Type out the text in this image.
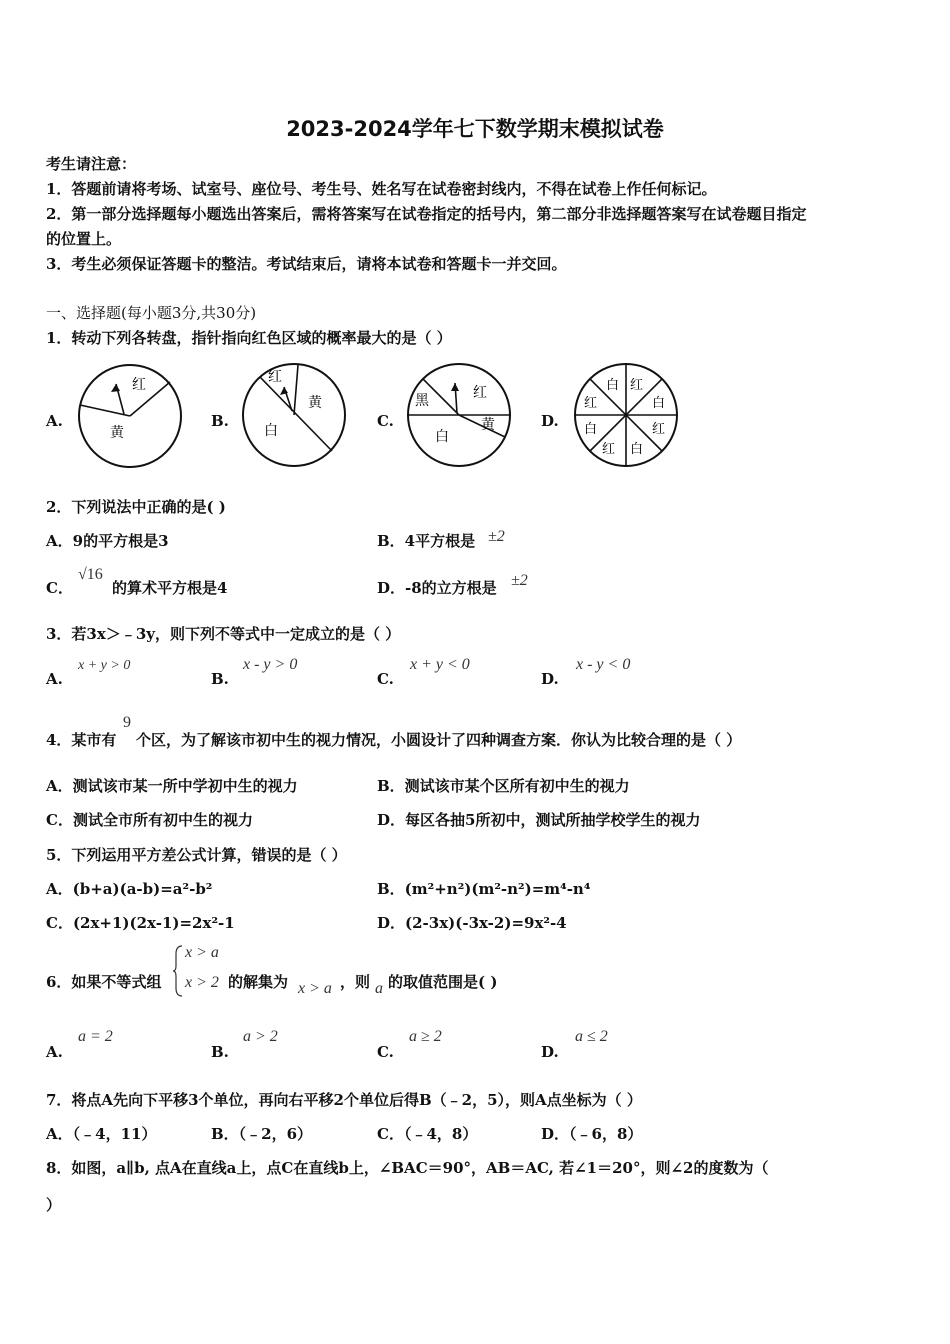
2023-2024学年七下数学期末模拟试卷
考生请注意：
1．答题前请将考场、试室号、座位号、考生号、姓名写在试卷密封线内，不得在试卷上作任何标记。
2．第一部分选择题每小题选出答案后，需将答案写在试卷指定的括号内，第二部分非选择题答案写在试卷题目指定
的位置上。
3．考生必须保证答题卡的整洁。考试结束后，请将本试卷和答题卡一并交回。
一、选择题(每小题3分,共30分)
1．转动下列各转盘，指针指向红色区域的概率最大的是（ ）
A.
红
黄
B.
红
黄
白
C.
黑	红
黄
白
D.
白 红
红	白
白	红
红 白
2．下列说法中正确的是( )
A．9的平方根是3	B．4平方根是 ±2
C．
√16
的算术平方根是4	D．-8的立方根是 ±2
3．若3x＞﹣3y，则下列不等式中一定成立的是（ ）
A.
x + y > 0
B.
x - y > 0
C.
x + y < 0
D.
x - y < 0
4．某市有
9
个区，为了解该市初中生的视力情况，小圆设计了四种调查方案．你认为比较合理的是（ ）
A．测试该市某一所中学初中生的视力	B．测试该市某个区所有初中生的视力
C．测试全市所有初中生的视力	D．每区各抽5所初中，测试所抽学校学生的视力
5．下列运用平方差公式计算，错误的是（ ）
A．(b+a)(a-b)=a²-b²	B．(m²+n²)(m²-n²)=m⁴-n⁴
C．(2x+1)(2x-1)=2x²-1	D．(2-3x)(-3x-2)=9x²-4
6．如果不等式组
x > a
x > 2 的解集为 x > a ，则 a 的取值范围是( )
A.
a = 2
B.
a > 2
C.
a ≥ 2
D.
a ≤ 2
7．将点A先向下平移3个单位，再向右平移2个单位后得B（﹣2，5），则A点坐标为（ ）
A．（﹣4，11）	B．（﹣2，6）	C．（﹣4，8）	D．（﹣6，8）
8．如图，a∥b, 点A在直线a上，点C在直线b上，∠BAC＝90°，AB＝AC, 若∠1＝20°，则∠2的度数为（
）
